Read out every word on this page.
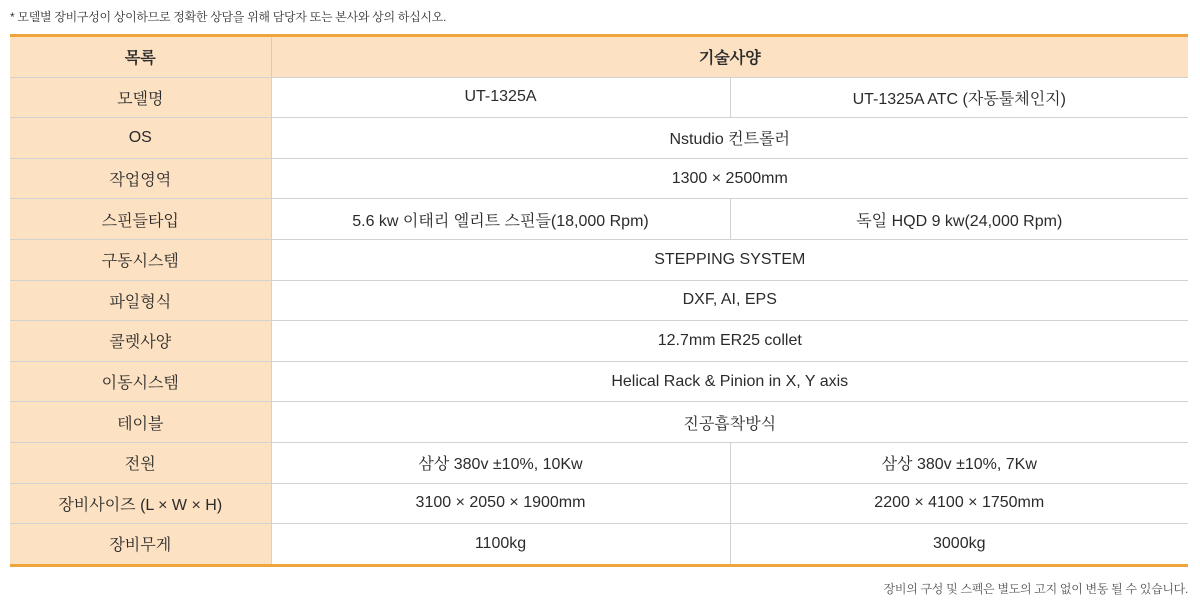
* 모델별 장비구성이 상이하므로 정확한 상담을 위해 담당자 또는 본사와 상의 하십시오.
목록	기술사양	
모델명	UT-1325A	UT-1325A ATC (자동툴체인지)
OS	Nstudio 컨트롤러	
작업영역	1300 × 2500mm	
스핀들타입	5.6 kw 이태리 엘리트 스핀들(18,000 Rpm)	독일 HQD 9 kw(24,000 Rpm)
구동시스템	STEPPING SYSTEM	
파일형식	DXF, AI, EPS	
콜렛사양	12.7mm ER25 collet	
이동시스템	Helical Rack & Pinion in X, Y axis	
테이블	진공흡착방식	
전원	삼상 380v ±10%, 10Kw	삼상 380v ±10%, 7Kw
장비사이즈 (L × W × H)	3100 × 2050 × 1900mm	2200 × 4100 × 1750mm
장비무게	1100kg	3000kg
장비의 구성 및 스펙은 별도의 고지 없이 변동 될 수 있습니다.
